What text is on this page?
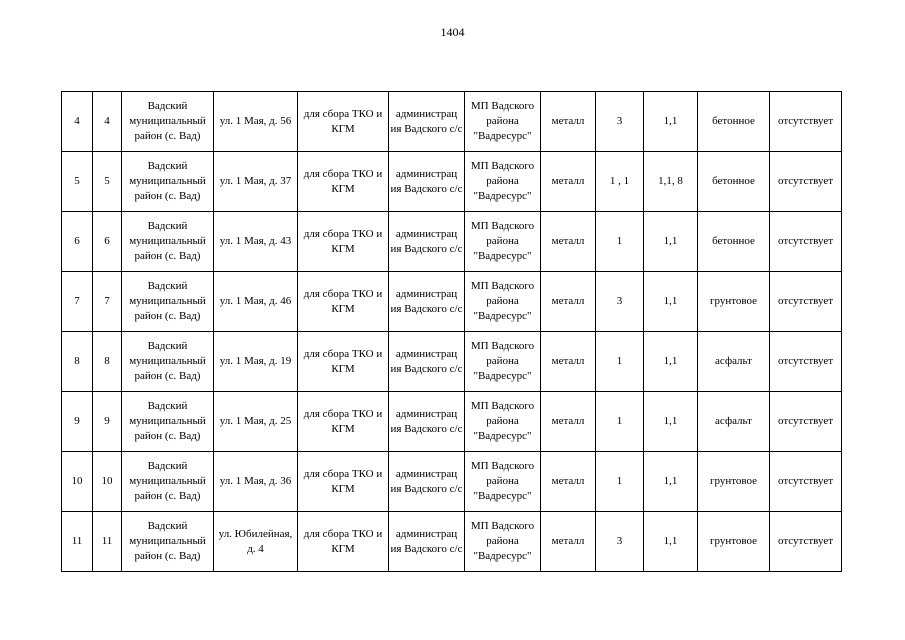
1404
4	4	Вадский муниципальный район (с. Вад)	ул. 1 Мая, д. 56	для сбора ТКО и КГМ	администрац ия Вадского с/с	МП Вадского района "Вадресурс"	металл	3	1,1	бетонное	отсутствует
5	5	Вадский муниципальный район (с. Вад)	ул. 1 Мая, д. 37	для сбора ТКО и КГМ	администрац ия Вадского с/с	МП Вадского района "Вадресурс"	металл	1 , 1	1,1, 8	бетонное	отсутствует
6	6	Вадский муниципальный район (с. Вад)	ул. 1 Мая, д. 43	для сбора ТКО и КГМ	администрац ия Вадского с/с	МП Вадского района "Вадресурс"	металл	1	1,1	бетонное	отсутствует
7	7	Вадский муниципальный район (с. Вад)	ул. 1 Мая, д. 46	для сбора ТКО и КГМ	администрац ия Вадского с/с	МП Вадского района "Вадресурс"	металл	3	1,1	грунтовое	отсутствует
8	8	Вадский муниципальный район (с. Вад)	ул. 1 Мая, д. 19	для сбора ТКО и КГМ	администрац ия Вадского с/с	МП Вадского района "Вадресурс"	металл	1	1,1	асфальт	отсутствует
9	9	Вадский муниципальный район (с. Вад)	ул. 1 Мая, д. 25	для сбора ТКО и КГМ	администрац ия Вадского с/с	МП Вадского района "Вадресурс"	металл	1	1,1	асфальт	отсутствует
10	10	Вадский муниципальный район (с. Вад)	ул. 1 Мая, д. 36	для сбора ТКО и КГМ	администрац ия Вадского с/с	МП Вадского района "Вадресурс"	металл	1	1,1	грунтовое	отсутствует
11	11	Вадский муниципальный район (с. Вад)	ул. Юбилейная, д. 4	для сбора ТКО и КГМ	администрац ия Вадского с/с	МП Вадского района "Вадресурс"	металл	3	1,1	грунтовое	отсутствует
